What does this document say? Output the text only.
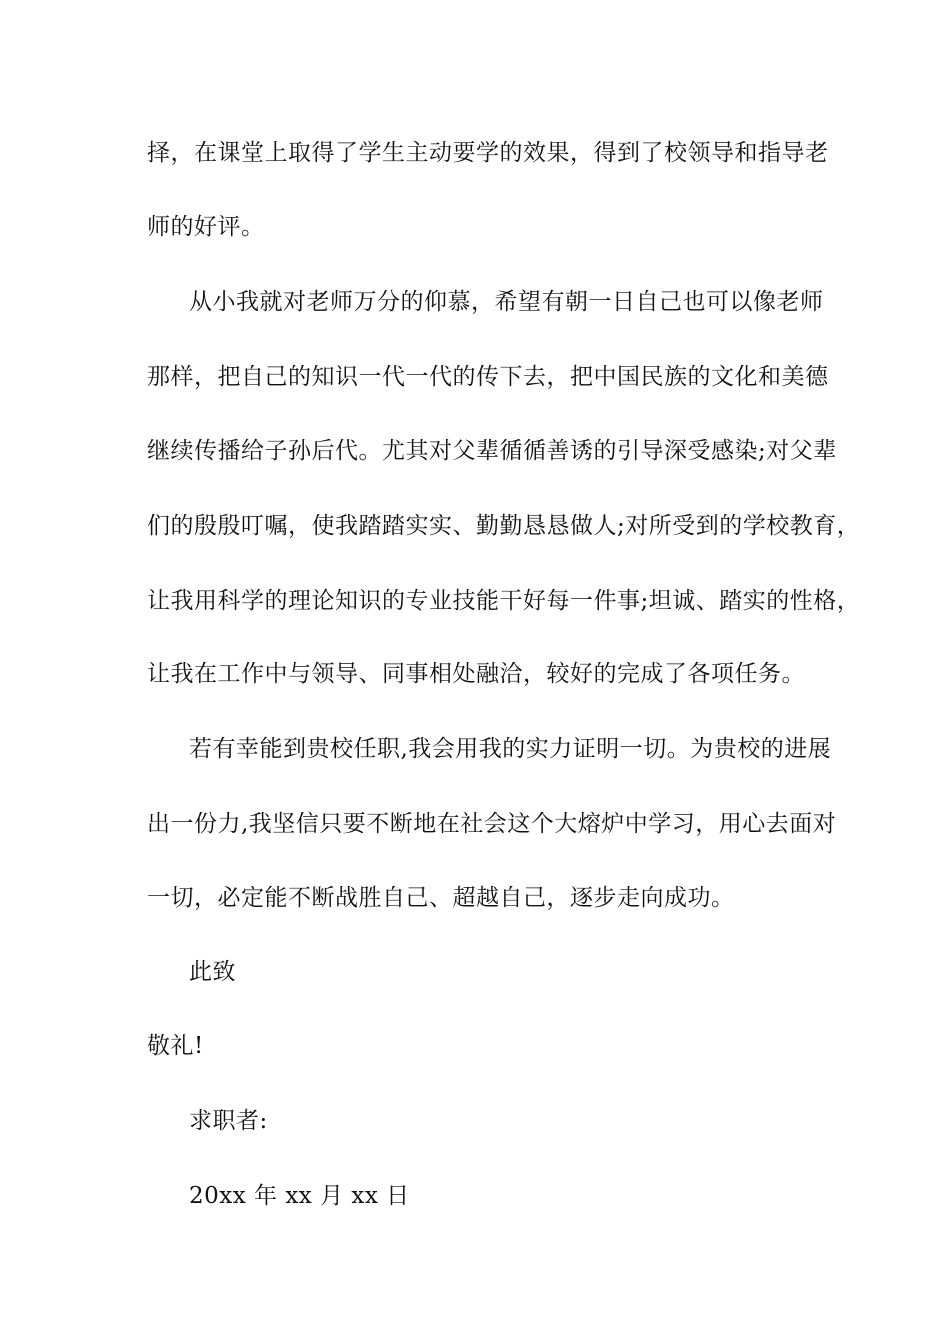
择，在课堂上取得了学生主动要学的效果，得到了校领导和指导老
师的好评。
从小我就对老师万分的仰慕，希望有朝一日自己也可以像老师
那样，把自己的知识一代一代的传下去，把中国民族的文化和美德
继续传播给子孙后代。尤其对父辈循循善诱的引导深受感染;对父辈
们的殷殷叮嘱，使我踏踏实实、勤勤恳恳做人;对所受到的学校教育，
让我用科学的理论知识的专业技能干好每一件事;坦诚、踏实的性格，
让我在工作中与领导、同事相处融洽，较好的完成了各项任务。
若有幸能到贵校任职,我会用我的实力证明一切。为贵校的进展
出一份力,我坚信只要不断地在社会这个大熔炉中学习，用心去面对
一切，必定能不断战胜自己、超越自己，逐步走向成功。
此致
敬礼!
求职者:
20xx 年 xx 月 xx 日
